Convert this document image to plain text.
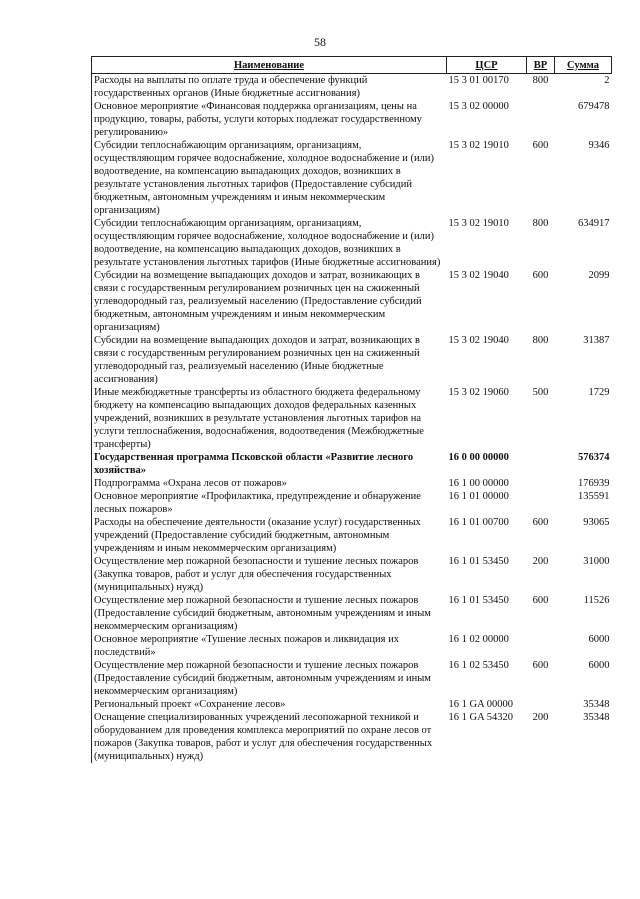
58
Наименование	ЦСР	ВР	Сумма
Расходы на выплаты по оплате труда и обеспечение функций государственных органов (Иные бюджетные ассигнования)	15 3 01 00170	800	2
Основное мероприятие «Финансовая поддержка организациям, цены на продукцию, товары, работы, услуги которых подлежат государственному регулированию»	15 3 02 00000		679478
Субсидии теплоснабжающим организациям, организациям, осуществляющим горячее водоснабжение, холодное водоснабжение и (или) водоотведение, на компенсацию выпадающих доходов, возникших в результате установления льготных тарифов (Предоставление субсидий бюджетным, автономным учреждениям и иным некоммерческим организациям)	15 3 02 19010	600	9346
Субсидии теплоснабжающим организациям, организациям, осуществляющим горячее водоснабжение, холодное водоснабжение и (или) водоотведение, на компенсацию выпадающих доходов, возникших в результате установления льготных тарифов (Иные бюджетные ассигнования)	15 3 02 19010	800	634917
Субсидии на возмещение выпадающих доходов и затрат, возникающих в связи с государственным регулированием розничных цен на сжиженный углеводородный газ, реализуемый населению (Предоставление субсидий бюджетным, автономным учреждениям и иным некоммерческим организациям)	15 3 02 19040	600	2099
Субсидии на возмещение выпадающих доходов и затрат, возникающих в связи с государственным регулированием розничных цен на сжиженный углеводородный газ, реализуемый населению (Иные бюджетные ассигнования)	15 3 02 19040	800	31387
Иные межбюджетные трансферты из областного бюджета федеральному бюджету на компенсацию выпадающих доходов федеральных казенных учреждений, возникших в результате установления льготных тарифов на услуги теплоснабжения, водоснабжения, водоотведения (Межбюджетные трансферты)	15 3 02 19060	500	1729
Государственная программа Псковской области «Развитие лесного хозяйства»	16 0 00 00000		576374
Подпрограмма «Охрана лесов от пожаров»	16 1 00 00000		176939
Основное мероприятие «Профилактика, предупреждение и обнаружение лесных пожаров»	16 1 01 00000		135591
Расходы на обеспечение деятельности (оказание услуг) государственных учреждений (Предоставление субсидий бюджетным, автономным учреждениям и иным некоммерческим организациям)	16 1 01 00700	600	93065
Осуществление мер пожарной безопасности и тушение лесных пожаров (Закупка товаров, работ и услуг для обеспечения государственных (муниципальных) нужд)	16 1 01 53450	200	31000
Осуществление мер пожарной безопасности и тушение лесных пожаров (Предоставление субсидий бюджетным, автономным учреждениям и иным некоммерческим организациям)	16 1 01 53450	600	11526
Основное мероприятие «Тушение лесных пожаров и ликвидация их последствий»	16 1 02 00000		6000
Осуществление мер пожарной безопасности и тушение лесных пожаров (Предоставление субсидий бюджетным, автономным учреждениям и иным некоммерческим организациям)	16 1 02 53450	600	6000
Региональный проект «Сохранение лесов»	16 1 GA 00000		35348
Оснащение специализированных учреждений лесопожарной техникой и оборудованием для проведения комплекса мероприятий по охране лесов от пожаров (Закупка товаров, работ и услуг для обеспечения государственных (муниципальных) нужд)	16 1 GA 54320	200	35348
